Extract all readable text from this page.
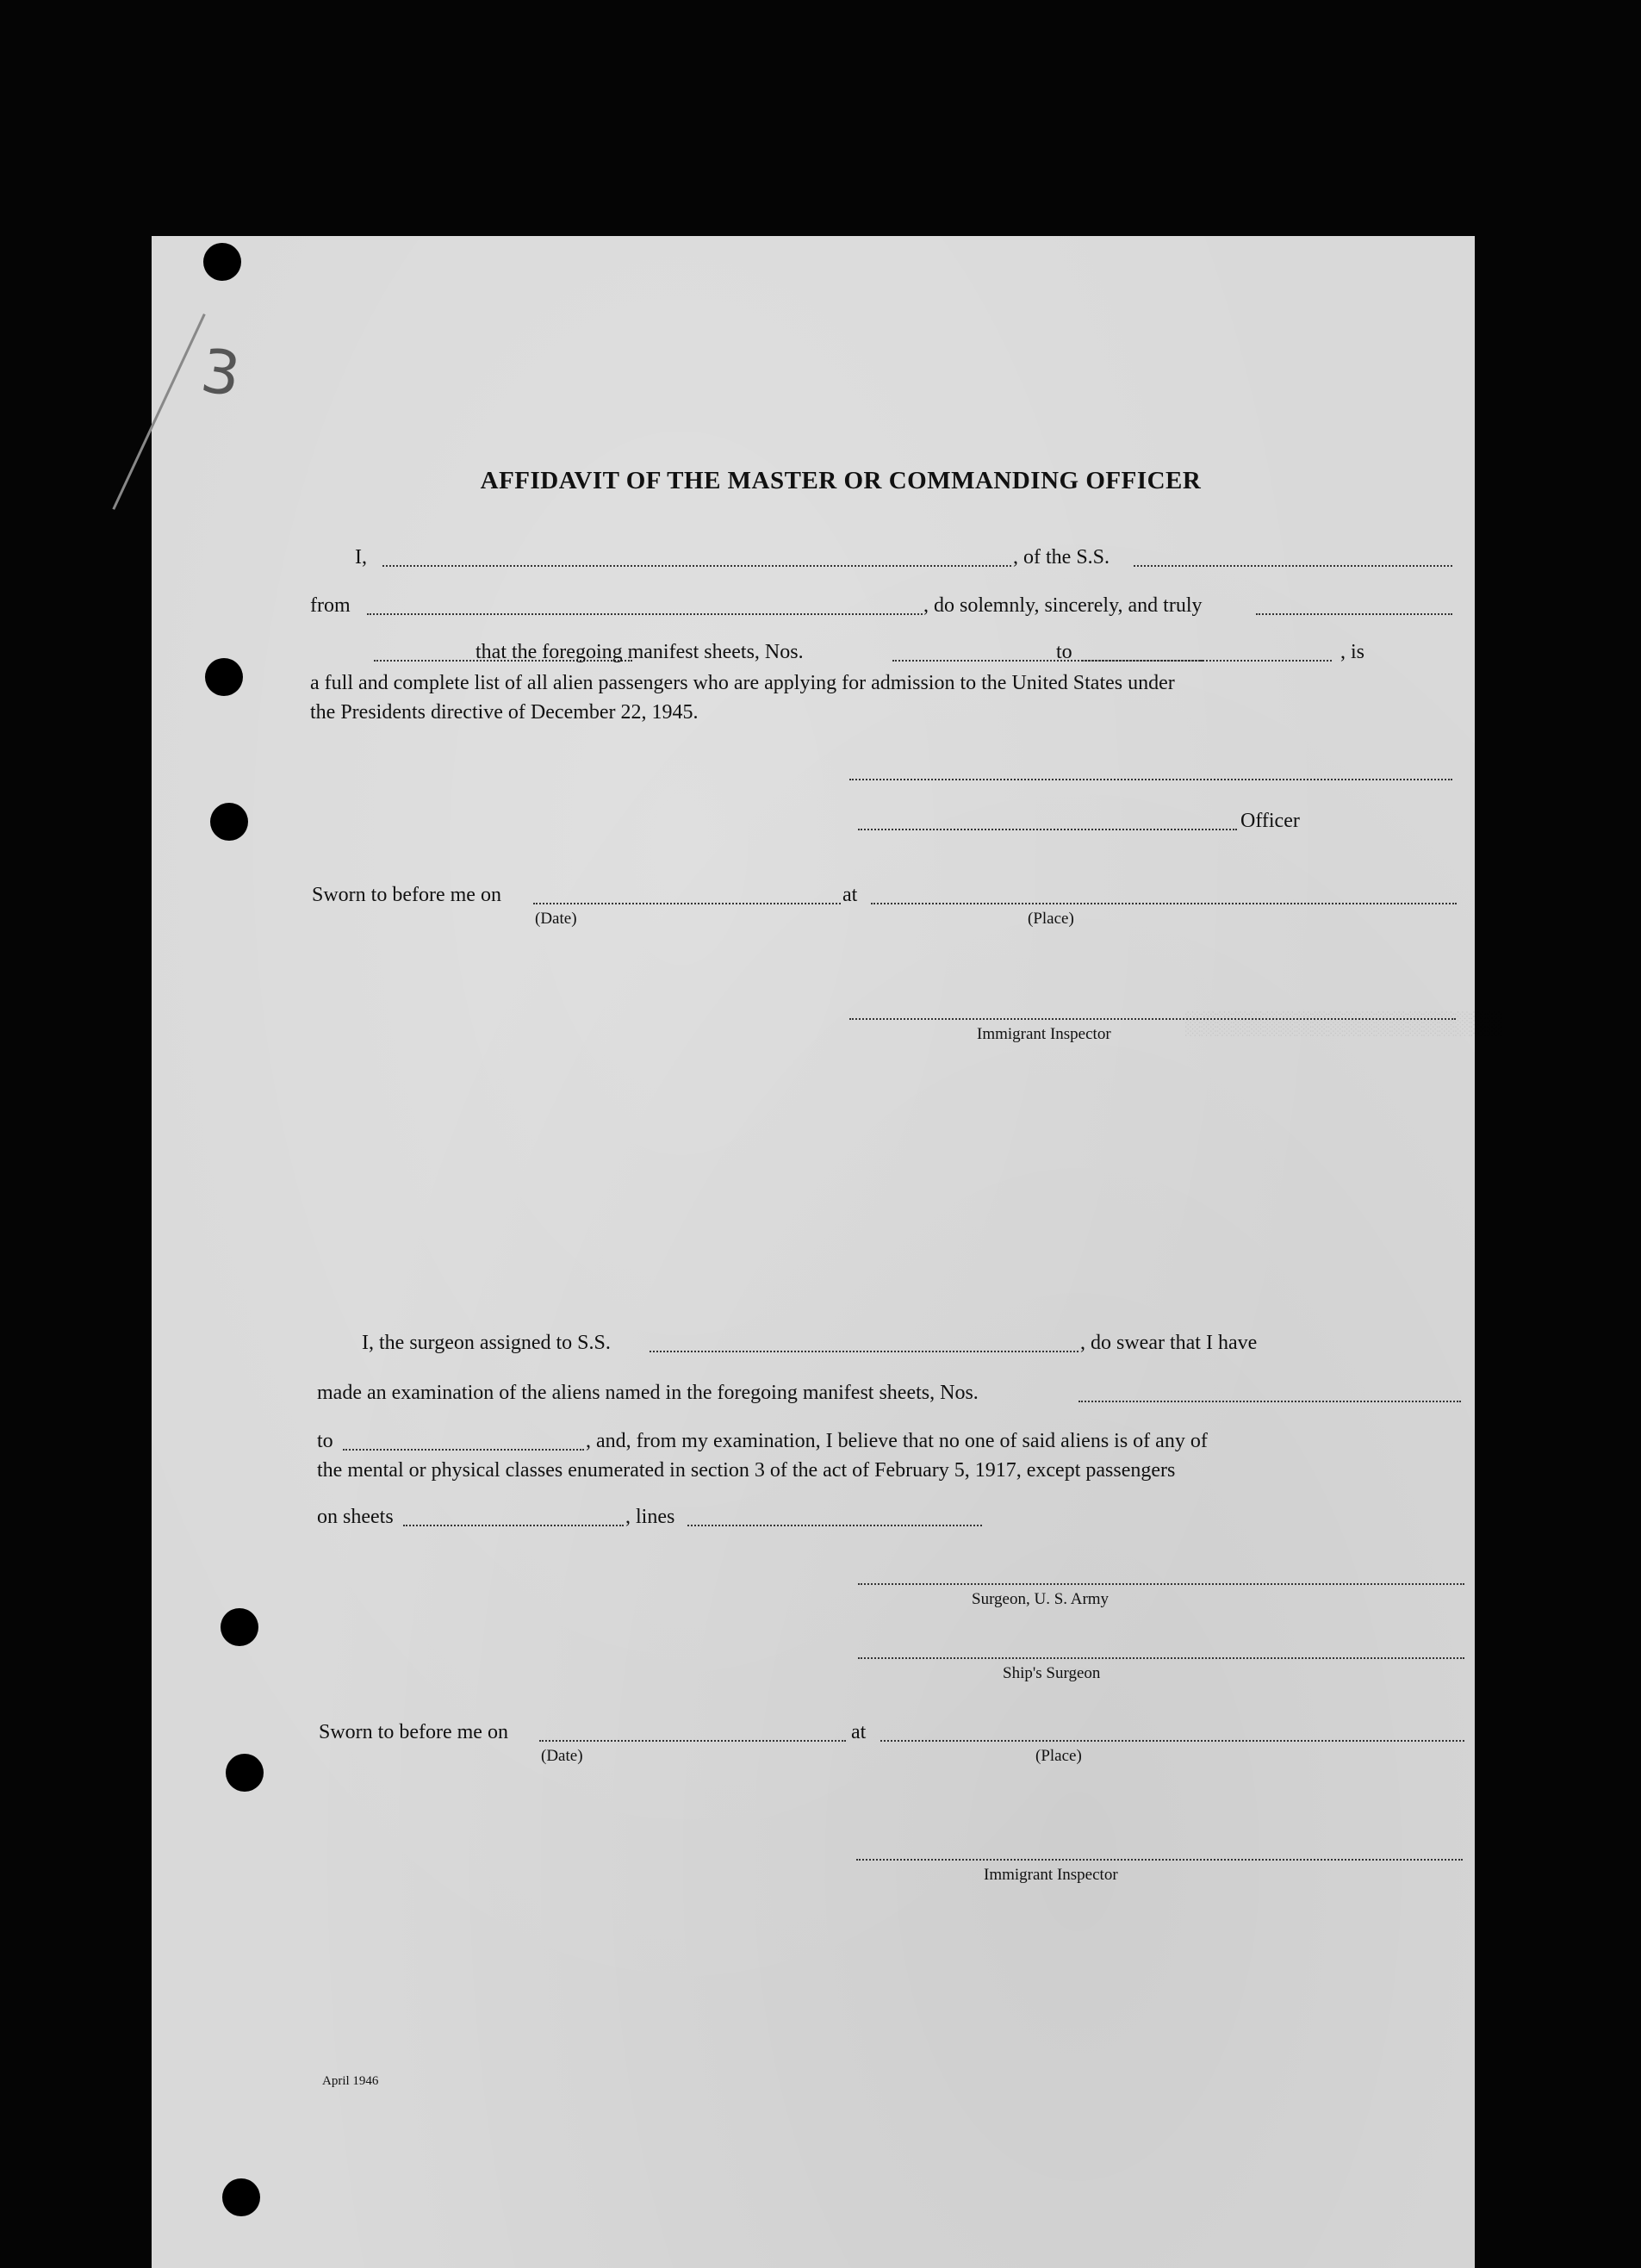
3
░░░░░░░░░░░░░░░░░░░░
AFFIDAVIT OF THE MASTER OR COMMANDING OFFICER
I,	, of the S.S.
from	, do solemnly, sincerely, and truly
that the foregoing manifest sheets, Nos.	to	, is
a full and complete list of all alien passengers who are applying for admission to the United States under
the Presidents directive of December 22, 1945.
Officer
Sworn to before me on	at
(Date)	(Place)
Immigrant Inspector
I, the surgeon assigned to S.S.	, do swear that I have
made an examination of the aliens named in the foregoing manifest sheets, Nos.
to	, and, from my examination, I believe that no one of said aliens is of any of
the mental or physical classes enumerated in section 3 of the act of February 5, 1917, except passengers
on sheets	, lines
Surgeon, U. S. Army
Ship's Surgeon
Sworn to before me on	at
(Date)	(Place)
Immigrant Inspector
April 1946
